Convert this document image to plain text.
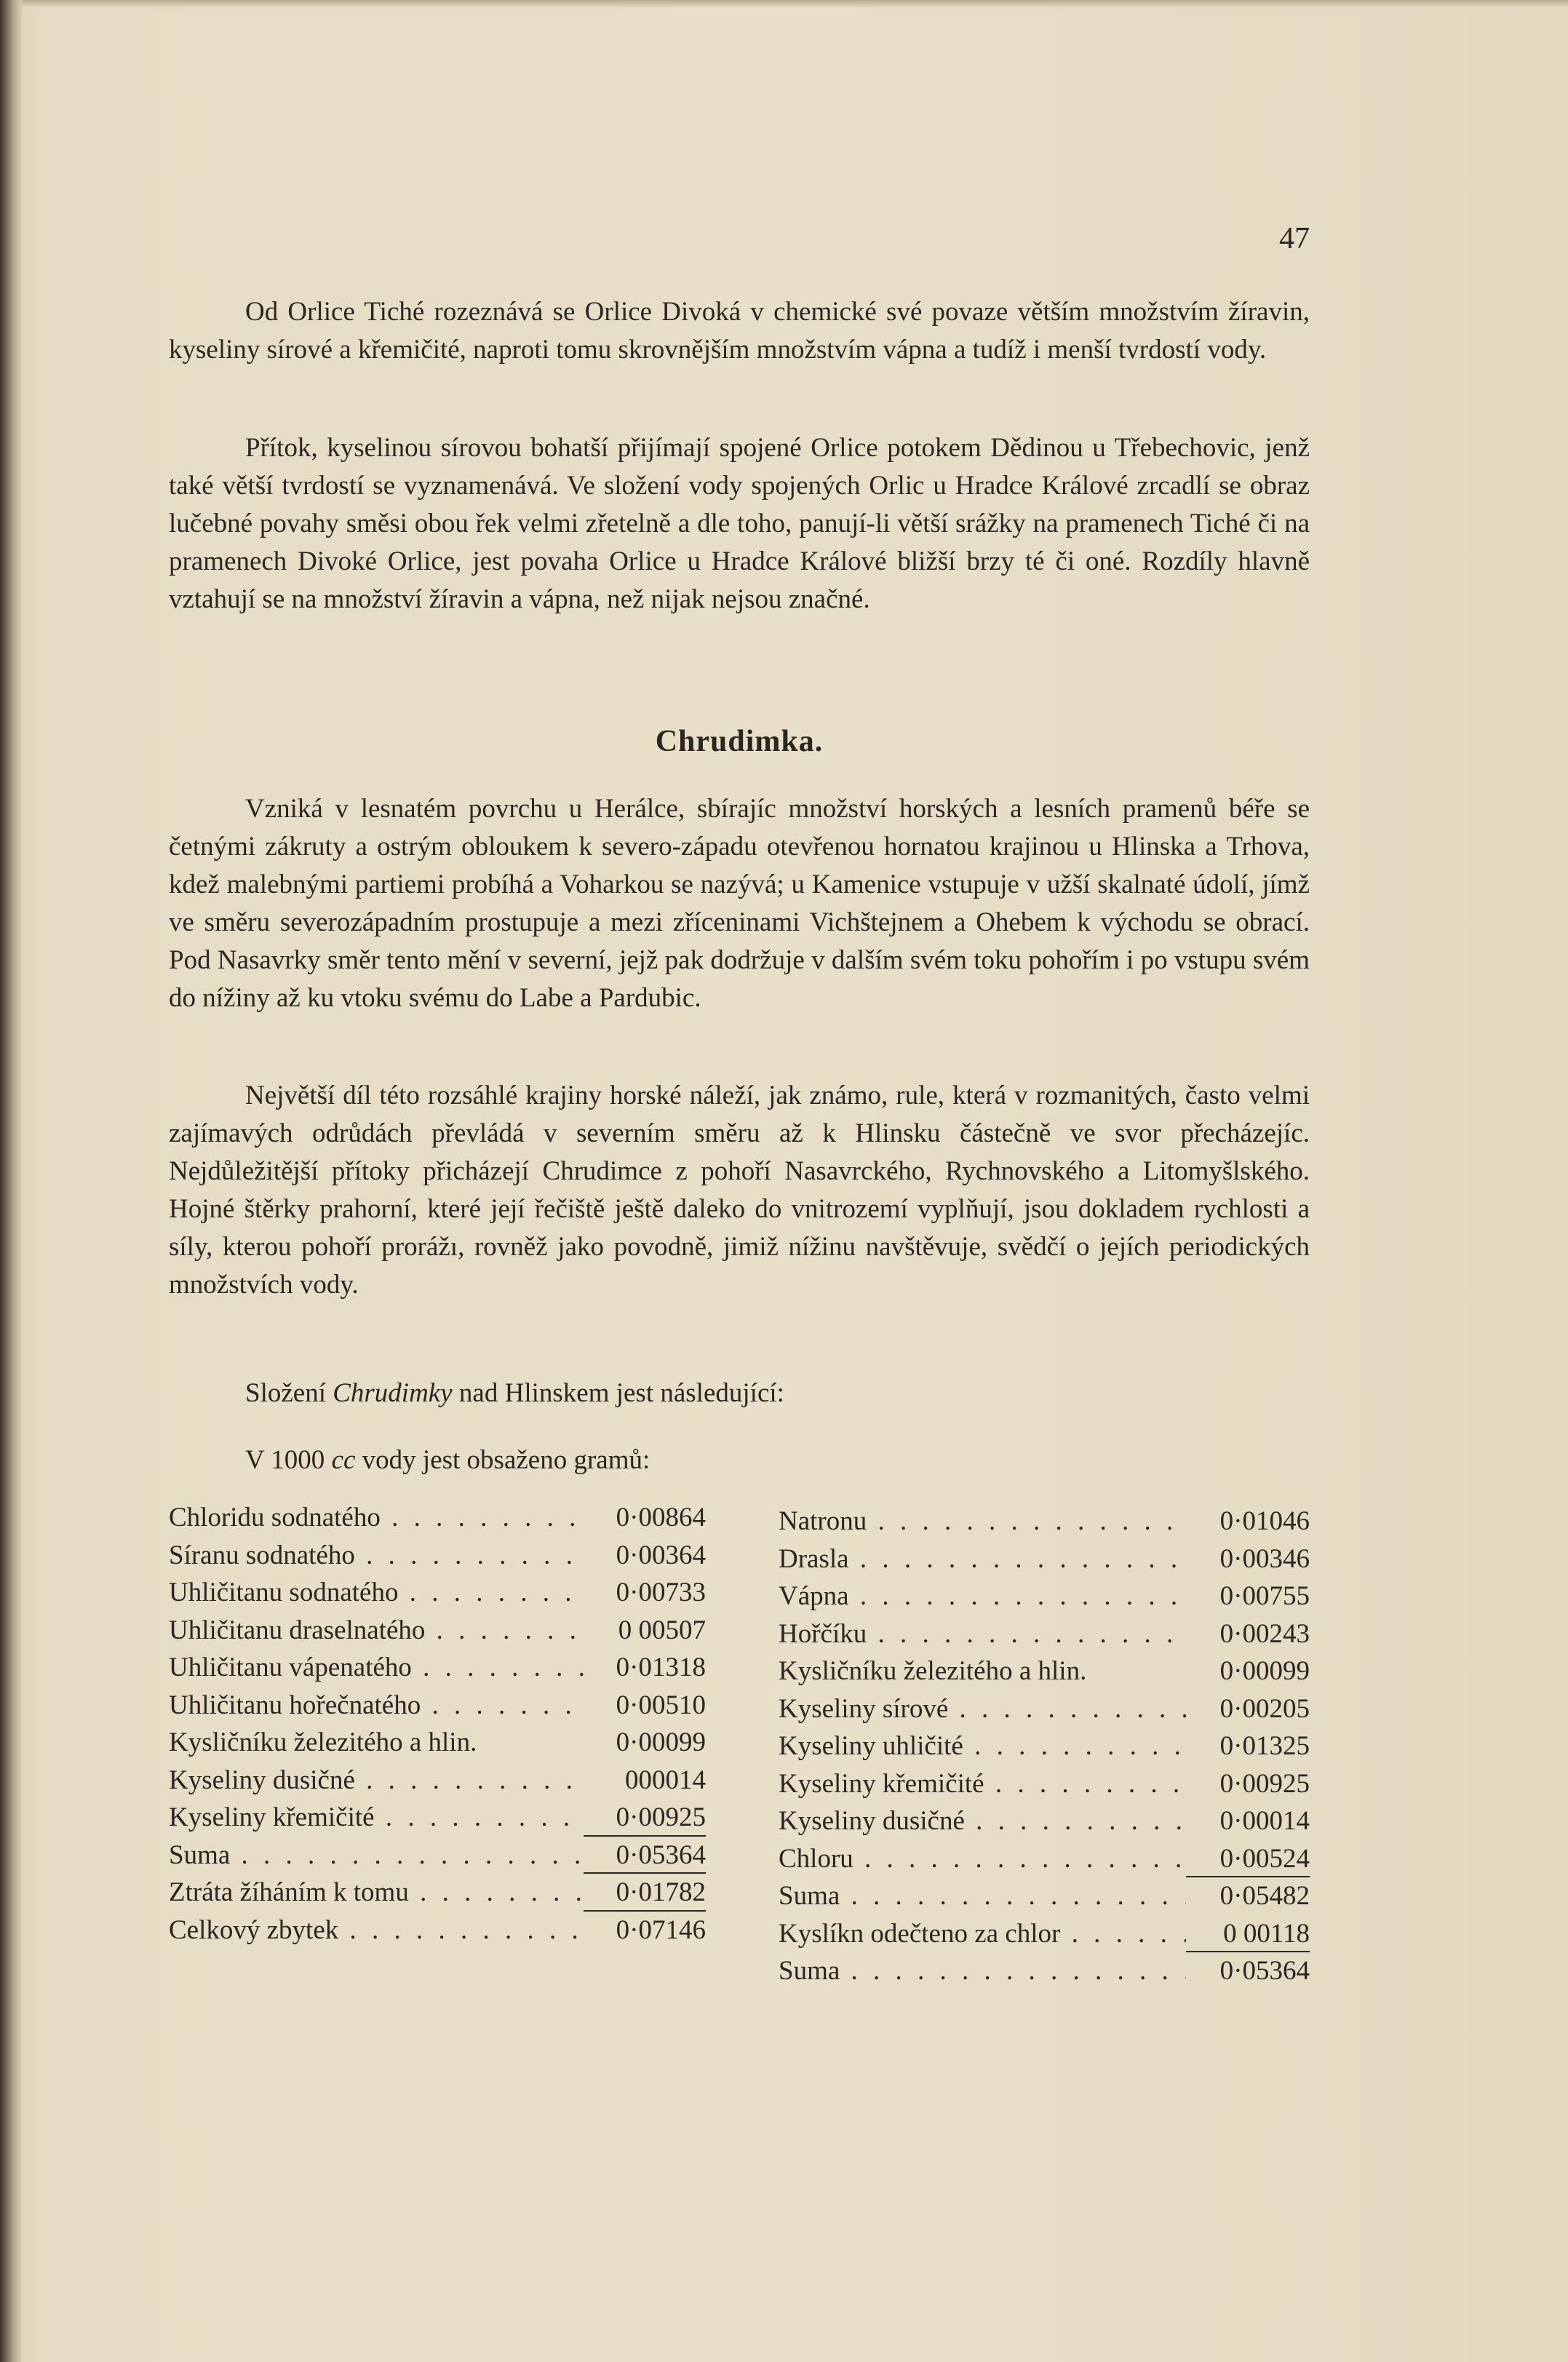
47

Od Orlice Tiché rozeznává se Orlice Divoká v chemické své povaze větším množstvím žíravin, kyseliny sírové a křemičité, naproti tomu skrovnějším množstvím vápna a tudíž i menší tvrdostí vody.

Přítok, kyselinou sírovou bohatší přijímají spojené Orlice potokem Dědinou u Třebechovic, jenž také větší tvrdostí se vyznamenává. Ve složení vody spojených Orlic u Hradce Králové zrcadlí se obraz lučebné povahy směsi obou řek velmi zřetelně a dle toho, panují-li větší srážky na pramenech Tiché či na pramenech Divoké Orlice, jest povaha Orlice u Hradce Králové bližší brzy té či oné. Rozdíly hlavně vztahují se na množství žíravin a vápna, než nijak nejsou značné.

Chrudimka.

Vzniká v lesnatém povrchu u Herálce, sbírajíc množství horských a lesních pramenů béře se četnými zákruty a ostrým obloukem k severo-západu otevřenou hornatou krajinou u Hlinska a Trhova, kdež malebnými partiemi probíhá a Voharkou se nazývá; u Kamenice vstupuje v užší skalnaté údolí, jímž ve směru severozápadním prostupuje a mezi zříceninami Vichštejnem a Ohebem k východu se obrací. Pod Nasavrky směr tento mění v severní, jejž pak dodržuje v dalším svém toku pohořím i po vstupu svém do nížiny až ku vtoku svému do Labe a Pardubic.

Největší díl této rozsáhlé krajiny horské náleží, jak známo, rule, která v rozmanitých, často velmi zajímavých odrůdách převládá v severním směru až k Hlinsku částečně ve svor přecházejíc. Nejdůležitější přítoky přicházejí Chrudimce z pohoří Nasavrckého, Rychnovského a Litomyšlského. Hojné štěrky prahorní, které její řečiště ještě daleko do vnitrozemí vyplňují, jsou dokladem rychlosti a síly, kterou pohoří prorážı, rovněž jako povodně, jimiž nížinu navštěvuje, svědčí o jejích periodických množstvích vody.

Složení Chrudimky nad Hlinskem jest následující:
V 1000 cc vody jest obsaženo gramů:
Chloridu sodnatého . . .	0·00864
Síranu sodnatého . . .	0·00364
Uhličitanu sodnatého . . .	0·00733
Uhličitanu draselnatého . . .	0 00507
Uhličitanu vápenatého . . .	0·01318
Uhličitanu hořečnatého . . .	0·00510
Kysličníku železitého a hlin.	0·00099
Kyseliny dusičné . . .	000014
Kyseliny křemičité . . .	0·00925
Suma . . .	0·05364
Ztráta žíháním k tomu . . .	0·01782
Celkový zbytek . . .	0·07146
Natronu . . .	0·01046
Drasla . . .	0·00346
Vápna . . .	0·00755
Hořčíku . . .	0·00243
Kysličníku železitého a hlin.	0·00099
Kyseliny sírové . . .	0·00205
Kyseliny uhličité . . .	0·01325
Kyseliny křemičité . . .	0·00925
Kyseliny dusičné . . .	0·00014
Chloru . . .	0·00524
Suma . . .	0·05482
Kyslíkn odečteno za chlor . . .	0 00118
Suma . . .	0·05364
